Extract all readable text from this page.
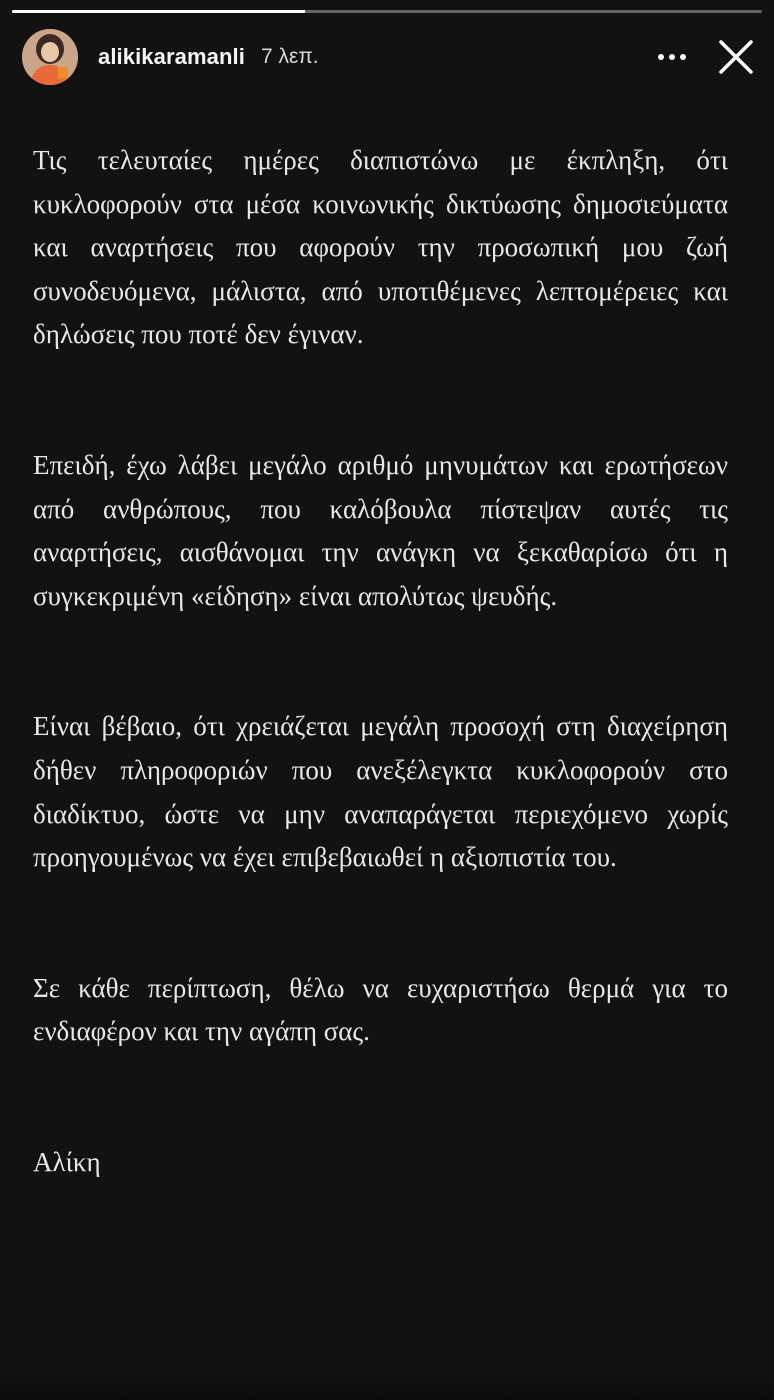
alikikaramanli 7 λεπ.

Τις τελευταίες ημέρες διαπιστώνω με έκπληξη, ότι κυκλοφορούν στα μέσα κοινωνικής δικτύωσης δημοσιεύματα και αναρτήσεις που αφορούν την προσωπική μου ζωή συνοδευόμενα, μάλιστα, από υποτιθέμενες λεπτομέρειες και δηλώσεις που ποτέ δεν έγιναν.

Επειδή, έχω λάβει μεγάλο αριθμό μηνυμάτων και ερωτήσεων από ανθρώπους, που καλόβουλα πίστεψαν αυτές τις αναρτήσεις, αισθάνομαι την ανάγκη να ξεκαθαρίσω ότι η συγκεκριμένη «είδηση» είναι απολύτως ψευδής.

Είναι βέβαιο, ότι χρειάζεται μεγάλη προσοχή στη διαχείρηση δήθεν πληροφοριών που ανεξέλεγκτα κυκλοφορούν στο διαδίκτυο, ώστε να μην αναπαράγεται περιεχόμενο χωρίς προηγουμένως να έχει επιβεβαιωθεί η αξιοπιστία του.

Σε κάθε περίπτωση, θέλω να ευχαριστήσω θερμά για το ενδιαφέρον και την αγάπη σας.

Αλίκη
